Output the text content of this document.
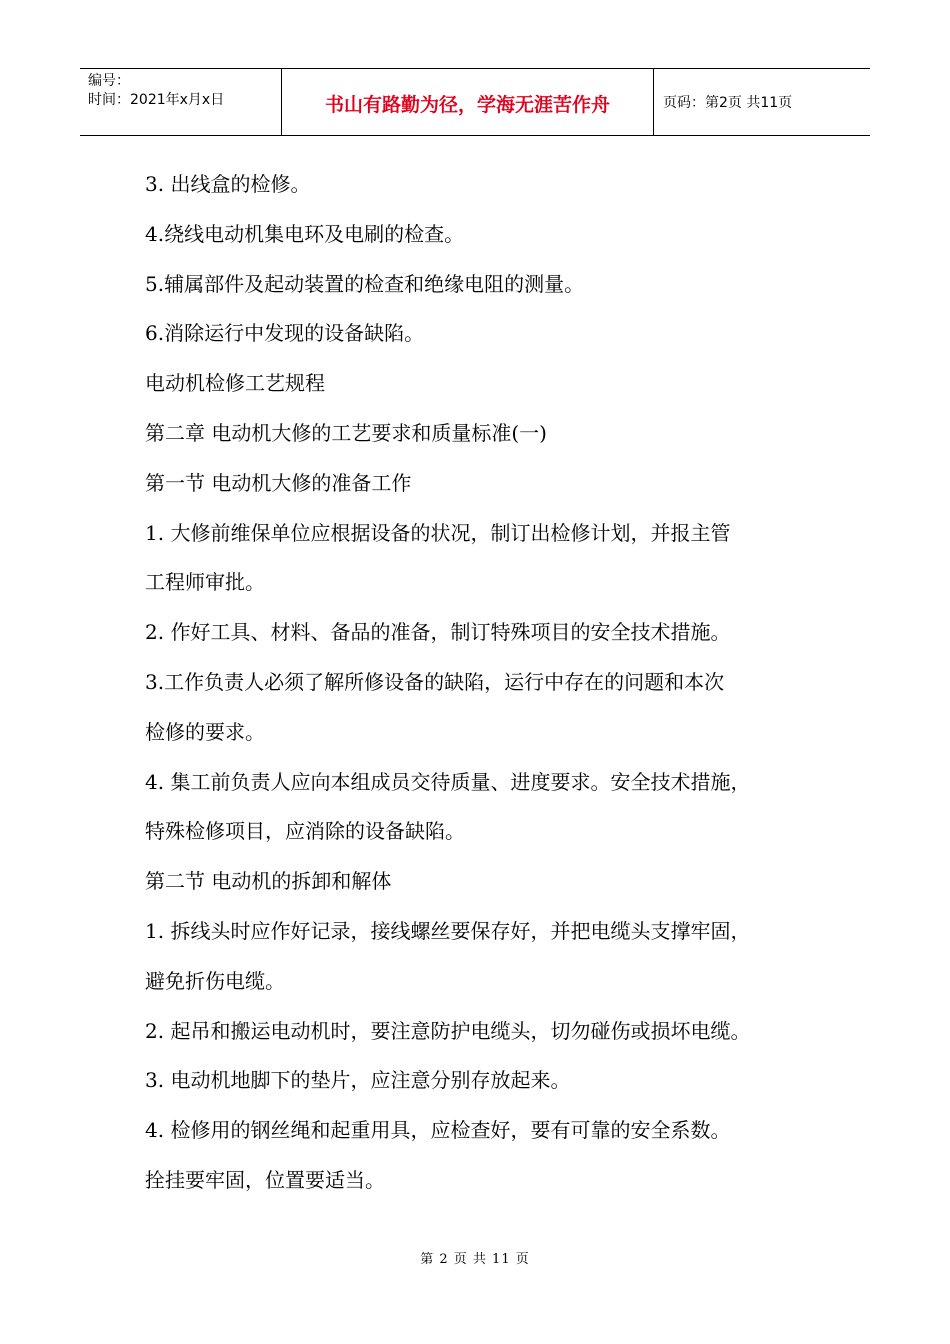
编号：
时间：2021年x月x日	书山有路勤为径，学海无涯苦作舟	页码：第2页 共11页
3. 出线盒的检修。
4.绕线电动机集电环及电刷的检查。
5.辅属部件及起动装置的检查和绝缘电阻的测量。
6.消除运行中发现的设备缺陷。
电动机检修工艺规程
第二章 电动机大修的工艺要求和质量标准(一)
第一节 电动机大修的准备工作
1. 大修前维保单位应根据设备的状况，制订出检修计划，并报主管
工程师审批。
2. 作好工具、材料、备品的准备，制订特殊项目的安全技术措施。
3.工作负责人必须了解所修设备的缺陷，运行中存在的问题和本次
检修的要求。
4. 集工前负责人应向本组成员交待质量、进度要求。安全技术措施，
特殊检修项目，应消除的设备缺陷。
第二节 电动机的拆卸和解体
1. 拆线头时应作好记录，接线螺丝要保存好，并把电缆头支撑牢固，
避免折伤电缆。
2. 起吊和搬运电动机时，要注意防护电缆头，切勿碰伤或损坏电缆。
3. 电动机地脚下的垫片，应注意分别存放起来。
4. 检修用的钢丝绳和起重用具，应检查好，要有可靠的安全系数。
拴挂要牢固，位置要适当。
第 2 页 共 11 页
